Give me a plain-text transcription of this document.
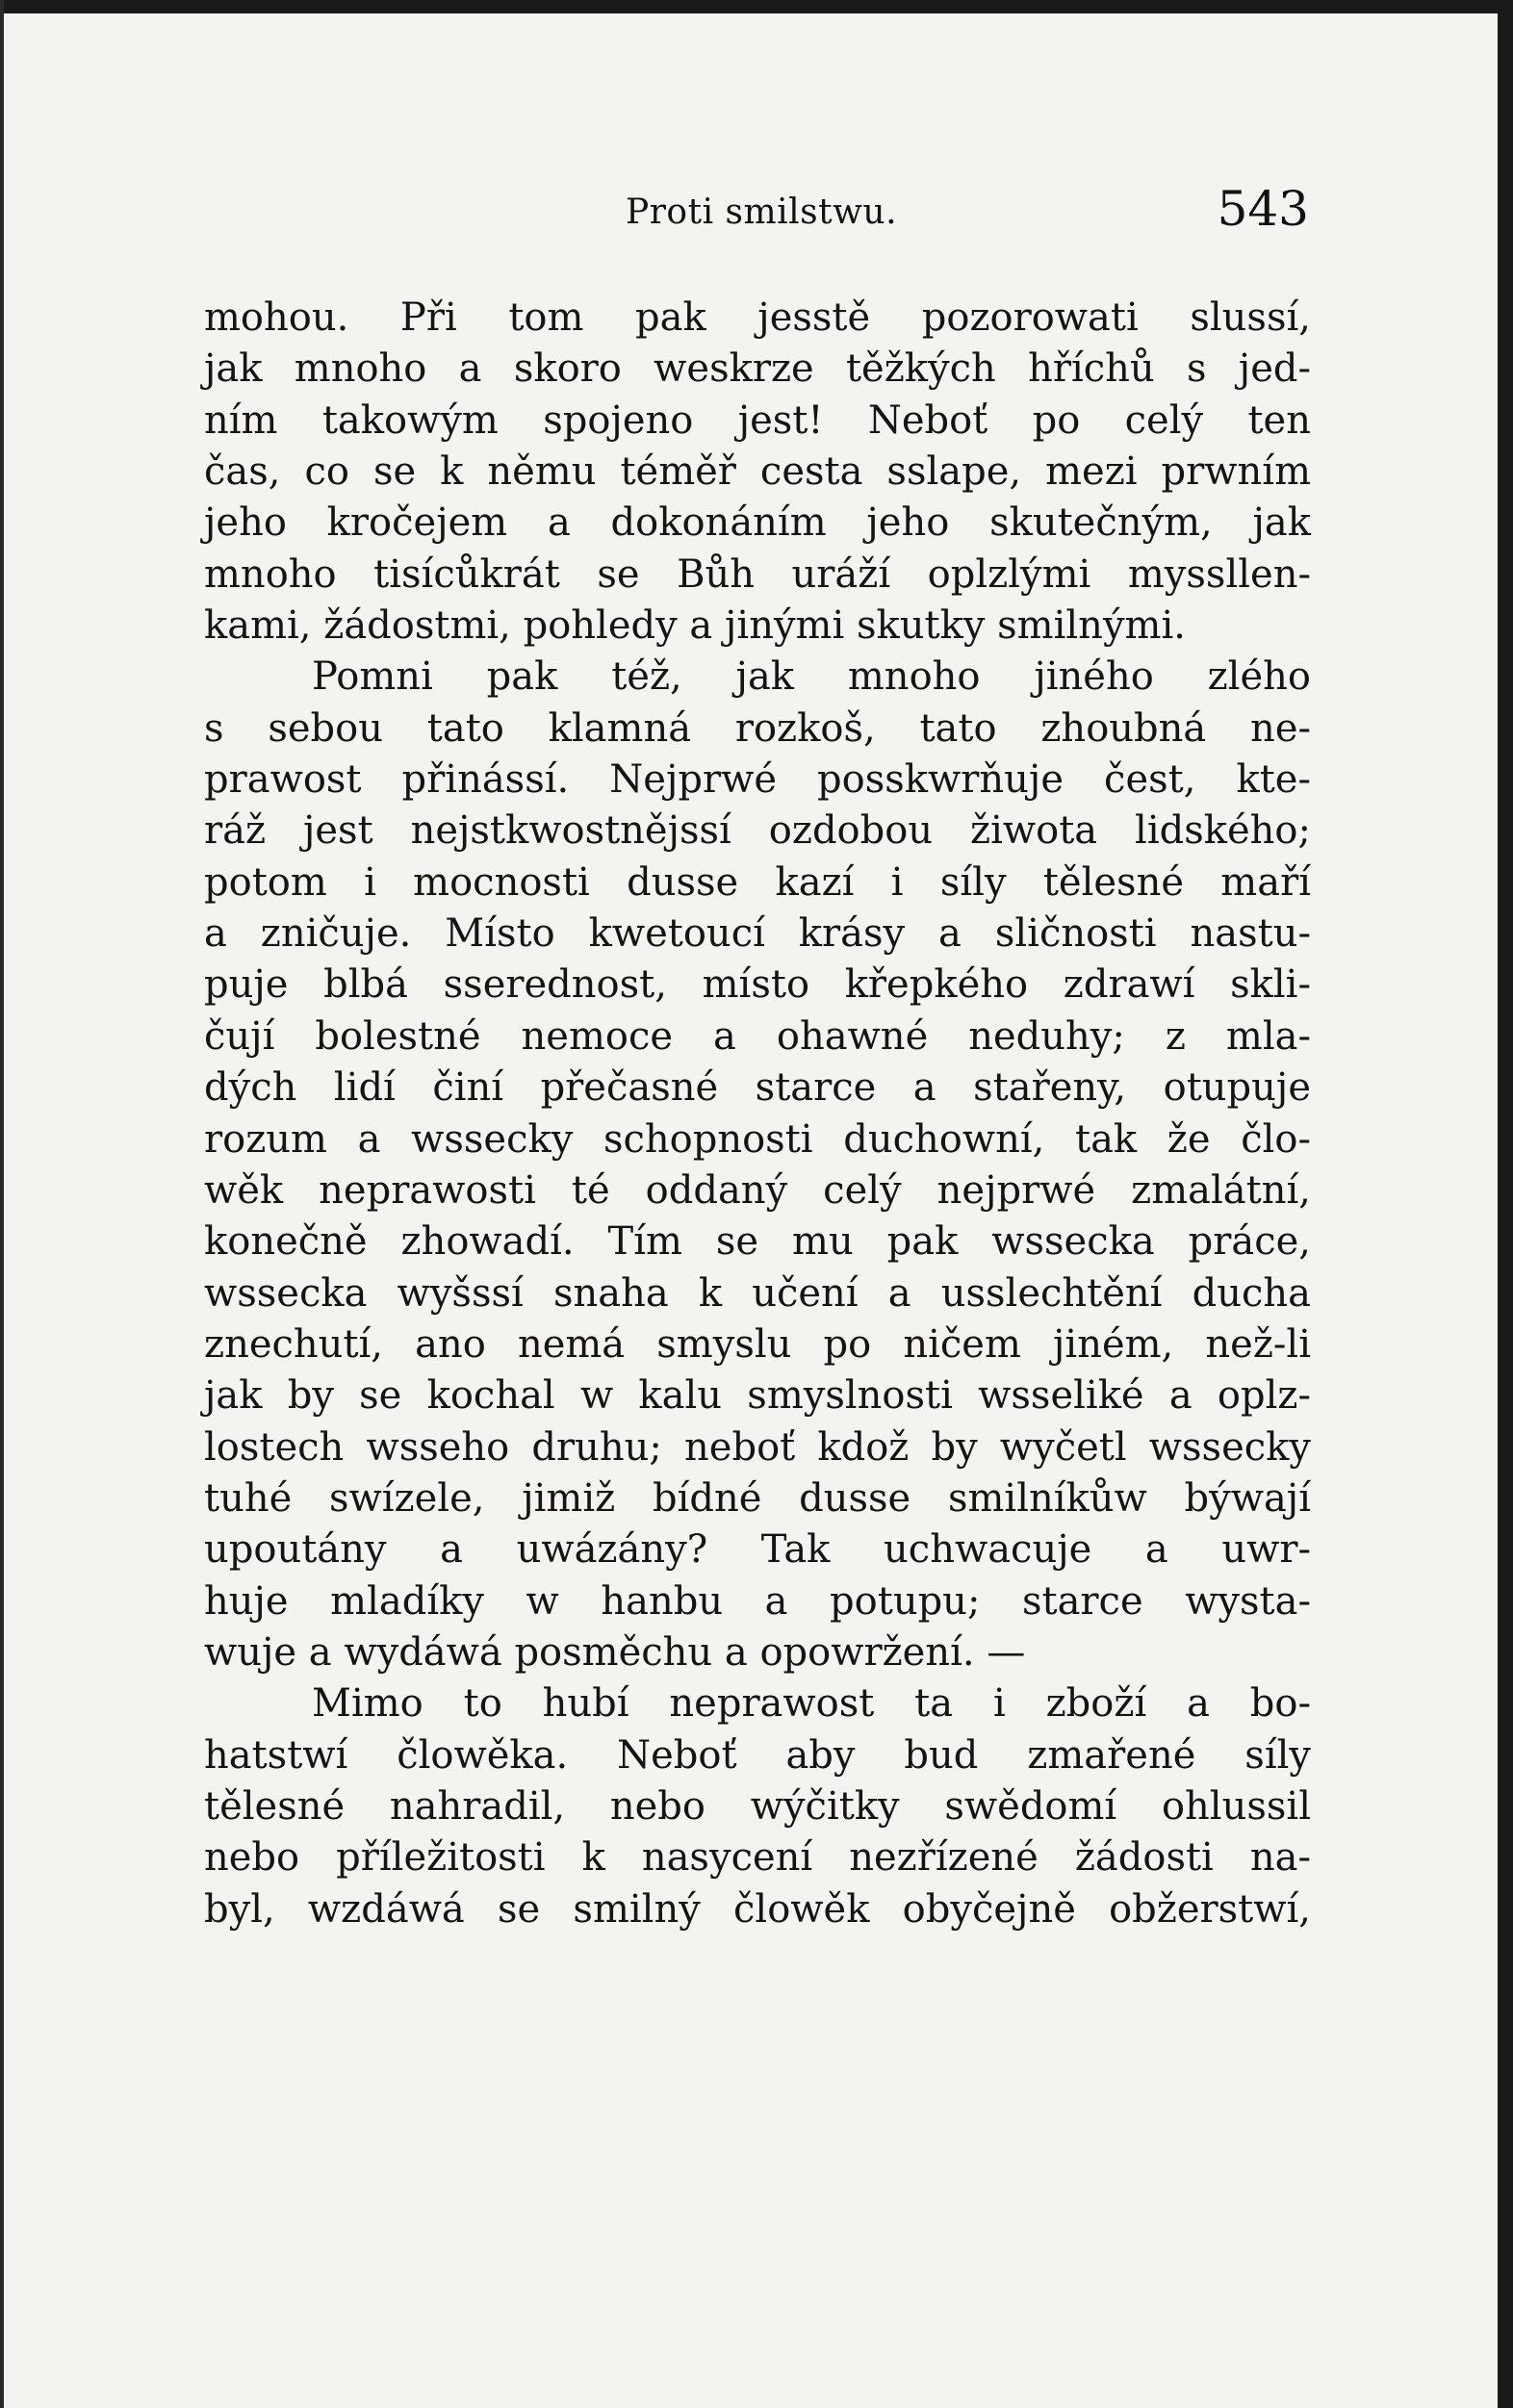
Proti smilstwu.	543
mohou. Při tom pak jesstě pozorowati slussí,
jak mnoho a skoro weskrze těžkých hříchů s jed-
ním takowým spojeno jest! Neboť po celý ten
čas, co se k němu téměř cesta sslape, mezi prwním
jeho kročejem a dokonáním jeho skutečným, jak
mnoho tisícůkrát se Bůh uráží oplzlými myssllen-
kami, žádostmi, pohledy a jinými skutky smilnými.
Pomni pak též, jak mnoho jiného zlého
s sebou tato klamná rozkoš, tato zhoubná ne-
prawost přinássí. Nejprwé posskwrňuje čest, kte-
ráž jest nejstkwostnějssí ozdobou žiwota lidského;
potom i mocnosti dusse kazí i síly tělesné maří
a zničuje. Místo kwetoucí krásy a sličnosti nastu-
puje blbá sserednost, místo křepkého zdrawí skli-
čují bolestné nemoce a ohawné neduhy; z mla-
dých lidí činí přečasné starce a stařeny, otupuje
rozum a wssecky schopnosti duchowní, tak že člo-
wěk neprawosti té oddaný celý nejprwé zmalátní,
konečně zhowadí. Tím se mu pak wssecka práce,
wssecka wyšssí snaha k učení a usslechtění ducha
znechutí, ano nemá smyslu po ničem jiném, než-li
jak by se kochal w kalu smyslnosti wsseliké a oplz-
lostech wsseho druhu; neboť kdož by wyčetl wssecky
tuhé swízele, jimiž bídné dusse smilníkůw býwají
upoutány a uwázány? Tak uchwacuje a uwr-
huje mladíky w hanbu a potupu; starce wysta-
wuje a wydáwá posměchu a opowržení. —
Mimo to hubí neprawost ta i zboží a bo-
hatstwí člowěka. Neboť aby bud zmařené síly
tělesné nahradil, nebo wýčitky swědomí ohlussil
nebo příležitosti k nasycení nezřízené žádosti na-
byl, wzdáwá se smilný člowěk obyčejně obžerstwí,
